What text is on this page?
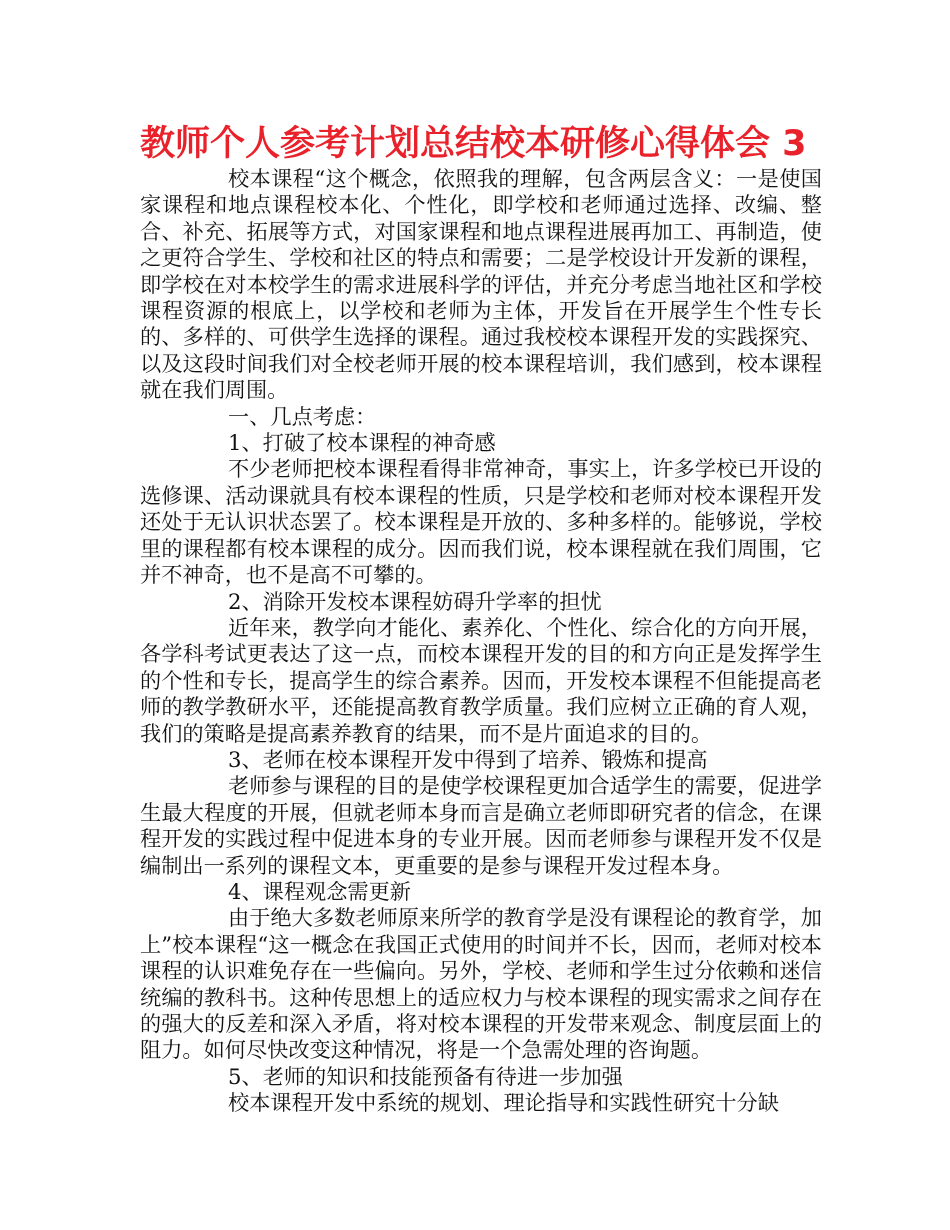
教师个人参考计划总结校本研修心得体会 3

校本课程“这个概念，依照我的理解，包含两层含义：一是使国家课程和地点课程校本化、个性化，即学校和老师通过选择、改编、整合、补充、拓展等方式，对国家课程和地点课程进展再加工、再制造，使之更符合学生、学校和社区的特点和需要；二是学校设计开发新的课程，即学校在对本校学生的需求进展科学的评估，并充分考虑当地社区和学校课程资源的根底上，以学校和老师为主体，开发旨在开展学生个性专长的、多样的、可供学生选择的课程。通过我校校本课程开发的实践探究、以及这段时间我们对全校老师开展的校本课程培训，我们感到，校本课程就在我们周围。

一、几点考虑：

1、打破了校本课程的神奇感

不少老师把校本课程看得非常神奇，事实上，许多学校已开设的选修课、活动课就具有校本课程的性质，只是学校和老师对校本课程开发还处于无认识状态罢了。校本课程是开放的、多种多样的。能够说，学校里的课程都有校本课程的成分。因而我们说，校本课程就在我们周围，它并不神奇，也不是高不可攀的。

2、消除开发校本课程妨碍升学率的担忧

近年来，教学向才能化、素养化、个性化、综合化的方向开展，各学科考试更表达了这一点，而校本课程开发的目的和方向正是发挥学生的个性和专长，提高学生的综合素养。因而，开发校本课程不但能提高老师的教学教研水平，还能提高教育教学质量。我们应树立正确的育人观，我们的策略是提高素养教育的结果，而不是片面追求的目的。

3、老师在校本课程开发中得到了培养、锻炼和提高

老师参与课程的目的是使学校课程更加合适学生的需要，促进学生最大程度的开展，但就老师本身而言是确立老师即研究者的信念，在课程开发的实践过程中促进本身的专业开展。因而老师参与课程开发不仅是编制出一系列的课程文本，更重要的是参与课程开发过程本身。

4、课程观念需更新

由于绝大多数老师原来所学的教育学是没有课程论的教育学，加上”校本课程“这一概念在我国正式使用的时间并不长，因而，老师对校本课程的认识难免存在一些偏向。另外，学校、老师和学生过分依赖和迷信统编的教科书。这种传思想上的适应权力与校本课程的现实需求之间存在的强大的反差和深入矛盾，将对校本课程的开发带来观念、制度层面上的阻力。如何尽快改变这种情况，将是一个急需处理的咨询题。

5、老师的知识和技能预备有待进一步加强

校本课程开发中系统的规划、理论指导和实践性研究十分缺
